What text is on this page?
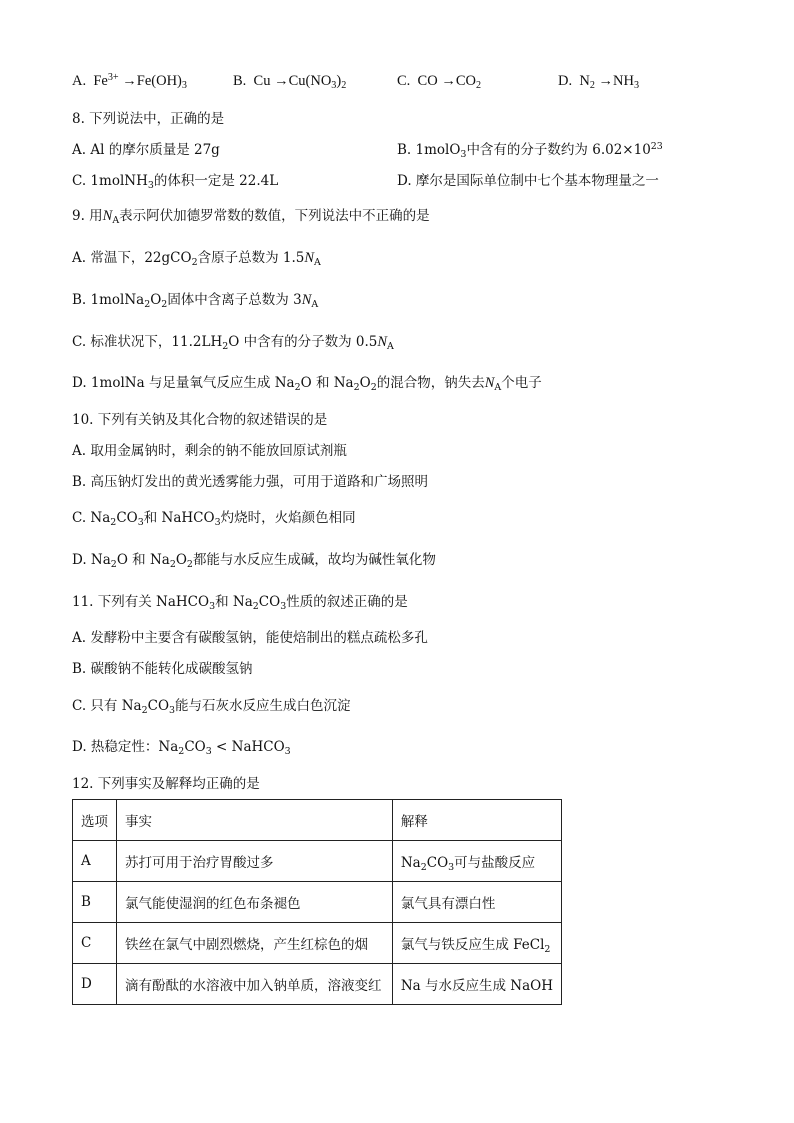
A. $Fe^{3+} \to Fe(OH)_3$	B. $Cu \to Cu(NO_3)_2$	C. CO $\to CO_2$	D. $N_2 \to NH_3$
8. 下列说法中，正确的是
A. Al 的摩尔质量是 27g	B. 1molO$_3$中含有的分子数约为 $6.02\times 10^{23}$
C. 1molNH$_3$的体积一定是 22.4L	D. 摩尔是国际单位制中七个基本物理量之一
9. 用$N_A$表示阿伏加德罗常数的数值，下列说法中不正确的是
A. 常温下，22gCO$_2$含原子总数为 $1.5N_A$
B. $1molNa_2O_2$固体中含离子总数为 $3N_A$
C. 标准状况下，$11.2LH_2O$ 中含有的分子数为 $0.5N_A$
D. 1molNa 与足量氧气反应生成 $Na_2O$ 和 $Na_2O_2$的混合物，钠失去$N_A$个电子
10. 下列有关钠及其化合物的叙述错误的是
A. 取用金属钠时，剩余的钠不能放回原试剂瓶
B. 高压钠灯发出的黄光透雾能力强，可用于道路和广场照明
C. $Na_2CO_3$和 NaHCO$_3$灼烧时，火焰颜色相同
D. $Na_2O$ 和 $Na_2O_2$都能与水反应生成碱，故均为碱性氧化物
11. 下列有关 NaHCO$_3$和 $Na_2CO_3$性质的叙述正确的是
A. 发酵粉中主要含有碳酸氢钠，能使焙制出的糕点疏松多孔
B. 碳酸钠不能转化成碳酸氢钠
C. 只有 $Na_2CO_3$能与石灰水反应生成白色沉淀
D. 热稳定性：$Na_2CO_3$ < NaHCO$_3$
12. 下列事实及解释均正确的是
选项	事实	解释
A	苏打可用于治疗胃酸过多	$Na_2CO_3$可与盐酸反应
B	氯气能使湿润的红色布条褪色	氯气具有漂白性
C	铁丝在氯气中剧烈燃烧，产生红棕色的烟	氯气与铁反应生成 FeCl$_2$
D	滴有酚酞的水溶液中加入钠单质，溶液变红	Na 与水反应生成 NaOH
